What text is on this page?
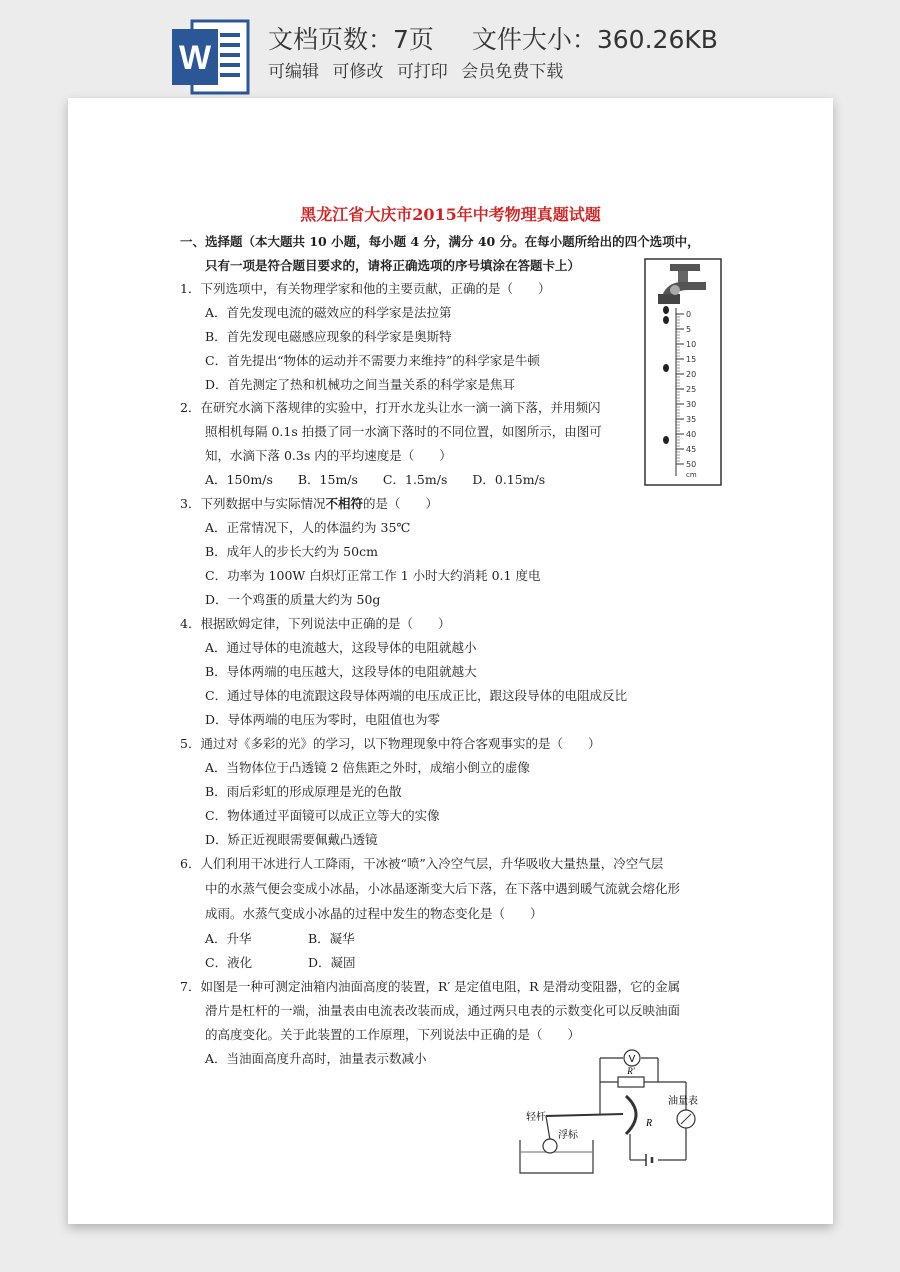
W 文档页数：7页 文件大小：360.26KB
可编辑 可修改 可打印 会员免费下载
黑龙江省大庆市2015年中考物理真题试题
一、选择题（本大题共 10 小题，每小题 4 分，满分 40 分。在每小题所给出的四个选项中，
只有一项是符合题目要求的，请将正确选项的序号填涂在答题卡上）
1．下列选项中，有关物理学家和他的主要贡献，正确的是（　　）
A．首先发现电流的磁效应的科学家是法拉第
B．首先发现电磁感应现象的科学家是奥斯特
C．首先提出“物体的运动并不需要力来维持”的科学家是牛顿
D．首先测定了热和机械功之间当量关系的科学家是焦耳
2．在研究水滴下落规律的实验中，打开水龙头让水一滴一滴下落，并用频闪
照相机每隔 0.1s 拍摄了同一水滴下落时的不同位置，如图所示，由图可
知，水滴下落 0.3s 内的平均速度是（　　）
A．150m/s　　B．15m/s　　C．1.5m/s　　D．0.15m/s
0
5
10
15
20
25
30
35
40
45
50
cm
3．下列数据中与实际情况不相符的是（　　）
A．正常情况下，人的体温约为 35℃
B．成年人的步长大约为 50cm
C．功率为 100W 白炽灯正常工作 1 小时大约消耗 0.1 度电
D．一个鸡蛋的质量大约为 50g
4．根据欧姆定律，下列说法中正确的是（　　）
A．通过导体的电流越大，这段导体的电阻就越小
B．导体两端的电压越大，这段导体的电阻就越大
C．通过导体的电流跟这段导体两端的电压成正比，跟这段导体的电阻成反比
D．导体两端的电压为零时，电阻值也为零
5．通过对《多彩的光》的学习，以下物理现象中符合客观事实的是（　　）
A．当物体位于凸透镜 2 倍焦距之外时，成缩小倒立的虚像
B．雨后彩虹的形成原理是光的色散
C．物体通过平面镜可以成正立等大的实像
D．矫正近视眼需要佩戴凸透镜
6．人们利用干冰进行人工降雨，干冰被“喷”入冷空气层，升华吸收大量热量，冷空气层
中的水蒸气便会变成小冰晶，小冰晶逐渐变大后下落，在下落中遇到暖气流就会熔化形
成雨。水蒸气变成小冰晶的过程中发生的物态变化是（　　）
A．升华	B．凝华
C．液化	D．凝固
7．如图是一种可测定油箱内油面高度的装置，R′ 是定值电阻，R 是滑动变阻器，它的金属
滑片是杠杆的一端，油量表由电流表改装而成，通过两只电表的示数变化可以反映油面
的高度变化。关于此装置的工作原理，下列说法中正确的是（　　）
A．当油面高度升高时，油量表示数减小	V
R′
R
油量表
轻杆
浮标
